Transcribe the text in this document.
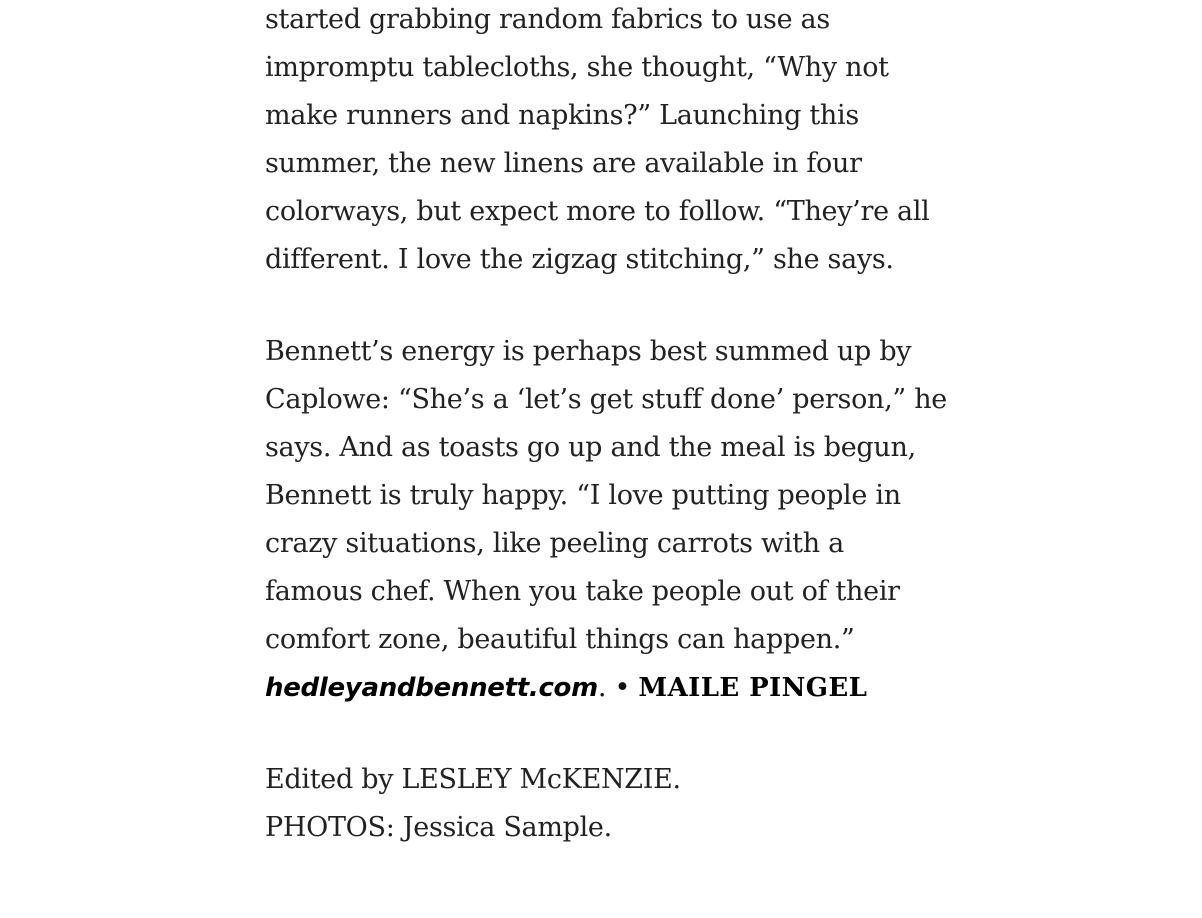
started grabbing random fabrics to use as
impromptu tablecloths, she thought, “Why not
make runners and napkins?” Launching this
summer, the new linens are available in four
colorways, but expect more to follow. “They’re all
different. I love the zigzag stitching,” she says.
Bennett’s energy is perhaps best summed up by
Caplowe: “She’s a ‘let’s get stuff done’ person,” he
says. And as toasts go up and the meal is begun,
Bennett is truly happy. “I love putting people in
crazy situations, like peeling carrots with a
famous chef. When you take people out of their
comfort zone, beautiful things can happen.”
hedleyandbennett.com. • MAILE PINGEL
Edited by LESLEY McKENZIE.
PHOTOS: Jessica Sample.
